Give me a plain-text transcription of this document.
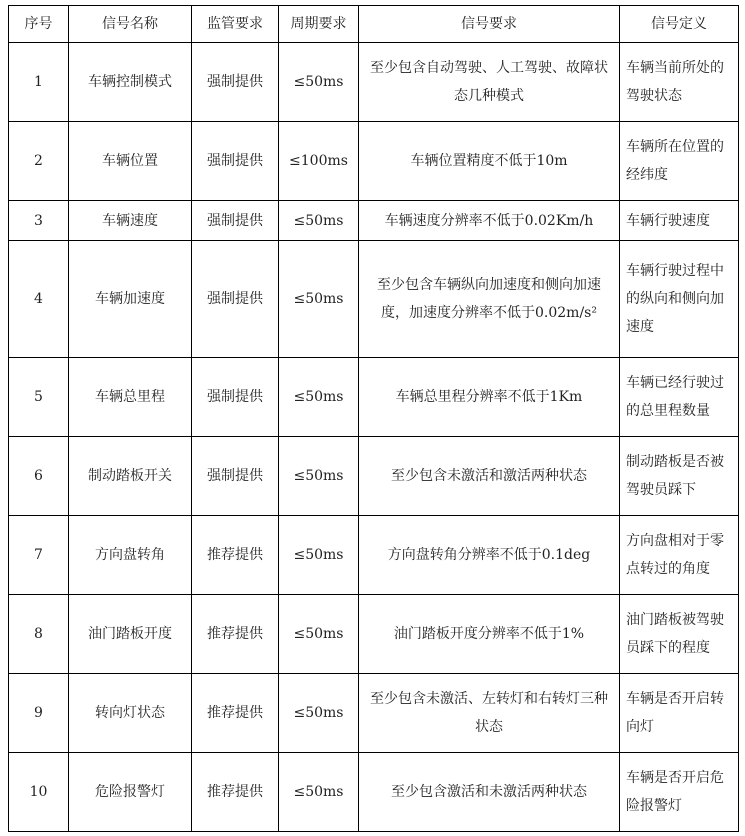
序号	信号名称	监管要求	周期要求	信号要求	信号定义
1	车辆控制模式	强制提供	≤50ms	至少包含自动驾驶、人工驾驶、故障状态几种模式	车辆当前所处的驾驶状态
2	车辆位置	强制提供	≤100ms	车辆位置精度不低于10m	车辆所在位置的经纬度
3	车辆速度	强制提供	≤50ms	车辆速度分辨率不低于0.02Km/h	车辆行驶速度
4	车辆加速度	强制提供	≤50ms	至少包含车辆纵向加速度和侧向加速度，加速度分辨率不低于0.02m/s²	车辆行驶过程中的纵向和侧向加速度
5	车辆总里程	强制提供	≤50ms	车辆总里程分辨率不低于1Km	车辆已经行驶过的总里程数量
6	制动踏板开关	强制提供	≤50ms	至少包含未激活和激活两种状态	制动踏板是否被驾驶员踩下
7	方向盘转角	推荐提供	≤50ms	方向盘转角分辨率不低于0.1deg	方向盘相对于零点转过的角度
8	油门踏板开度	推荐提供	≤50ms	油门踏板开度分辨率不低于1%	油门踏板被驾驶员踩下的程度
9	转向灯状态	推荐提供	≤50ms	至少包含未激活、左转灯和右转灯三种状态	车辆是否开启转向灯
10	危险报警灯	推荐提供	≤50ms	至少包含激活和未激活两种状态	车辆是否开启危险报警灯
